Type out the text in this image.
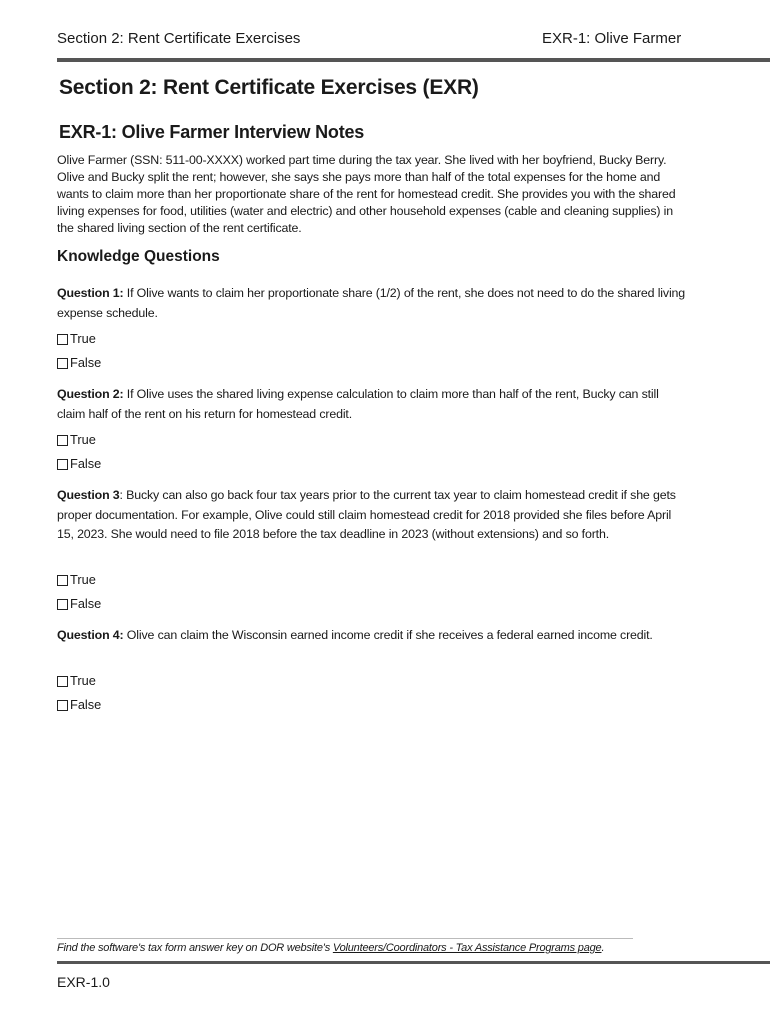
Section 2: Rent Certificate Exercises	EXR-1: Olive Farmer
Section 2: Rent Certificate Exercises (EXR)
EXR-1: Olive Farmer Interview Notes

Olive Farmer (SSN: 511-00-XXXX) worked part time during the tax year. She lived with her boyfriend, Bucky Berry. Olive and Bucky split the rent; however, she says she pays more than half of the total expenses for the home and wants to claim more than her proportionate share of the rent for homestead credit. She provides you with the shared living expenses for food, utilities (water and electric) and other household expenses (cable and cleaning supplies) in the shared living section of the rent certificate.

Knowledge Questions

Question 1: If Olive wants to claim her proportionate share (1/2) of the rent, she does not need to do the shared living expense schedule.

True
False

Question 2: If Olive uses the shared living expense calculation to claim more than half of the rent, Bucky can still claim half of the rent on his return for homestead credit.

True
False

Question 3: Bucky can also go back four tax years prior to the current tax year to claim homestead credit if she gets proper documentation. For example, Olive could still claim homestead credit for 2018 provided she files before April 15, 2023. She would need to file 2018 before the tax deadline in 2023 (without extensions) and so forth.

True
False

Question 4: Olive can claim the Wisconsin earned income credit if she receives a federal earned income credit.

True
False
Find the software's tax form answer key on DOR website's Volunteers/Coordinators - Tax Assistance Programs page.
EXR-1.0
